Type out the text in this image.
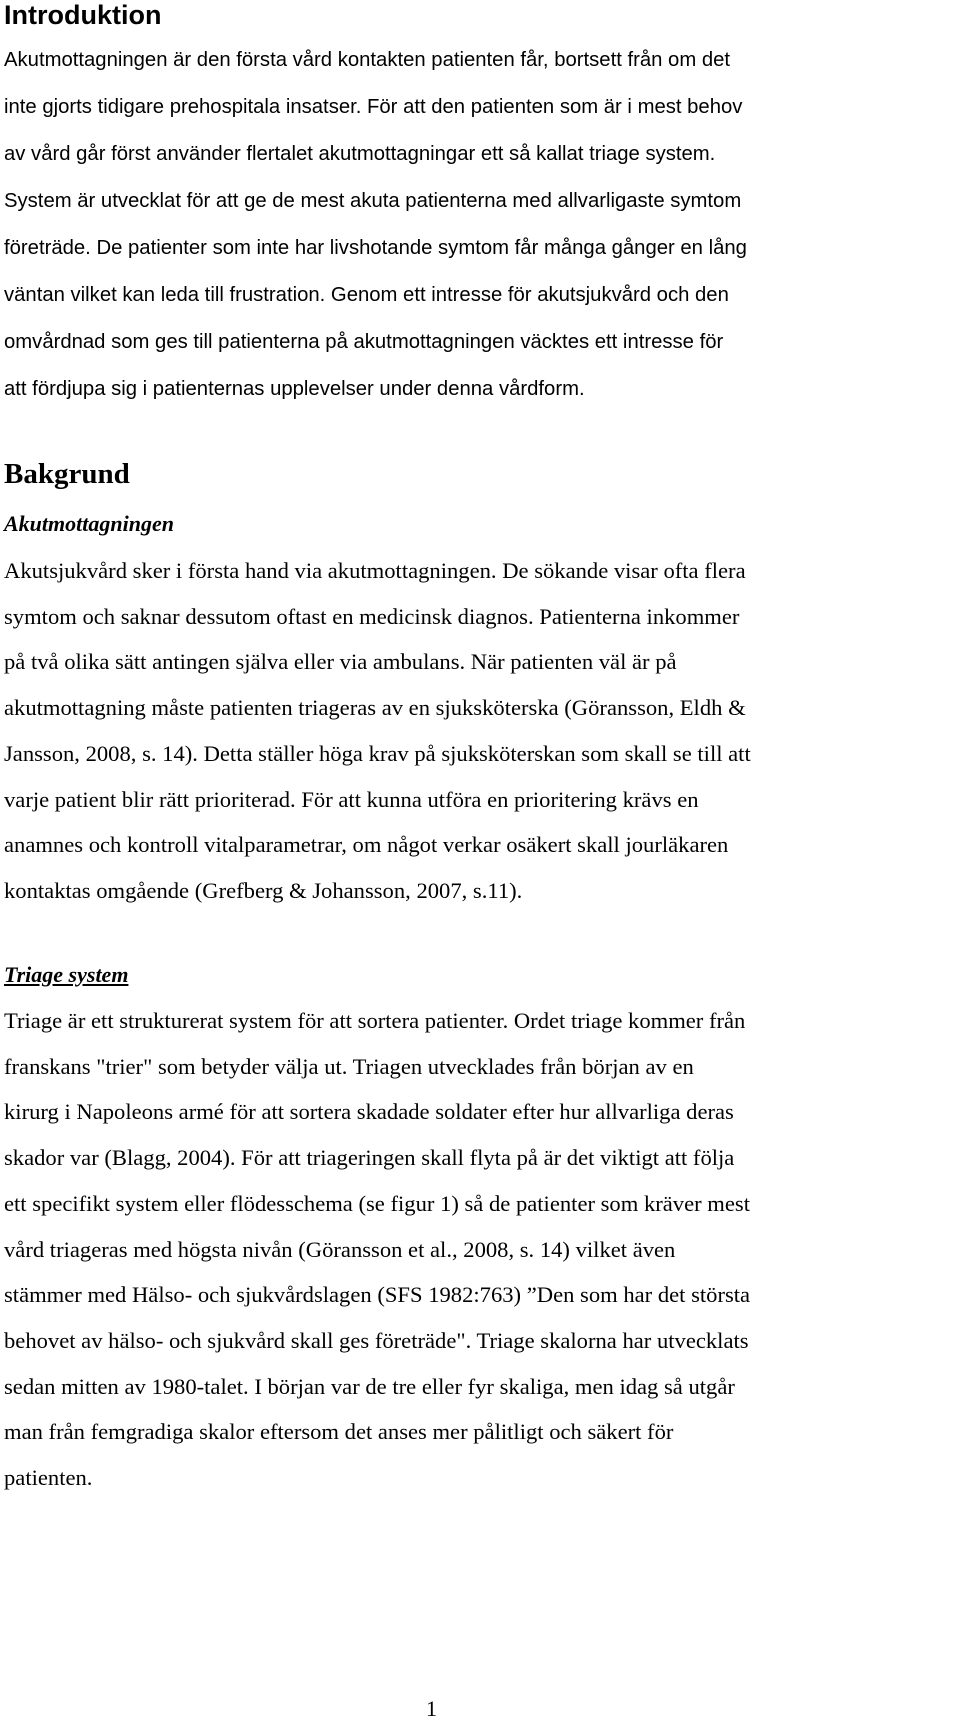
Introduktion
Akutmottagningen är den första vård kontakten patienten får, bortsett från om det
inte gjorts tidigare prehospitala insatser. För att den patienten som är i mest behov
av vård går först använder flertalet akutmottagningar ett så kallat triage system.
System är utvecklat för att ge de mest akuta patienterna med allvarligaste symtom
företräde. De patienter som inte har livshotande symtom får många gånger en lång
väntan vilket kan leda till frustration. Genom ett intresse för akutsjukvård och den
omvårdnad som ges till patienterna på akutmottagningen väcktes ett intresse för
att fördjupa sig i patienternas upplevelser under denna vårdform.
Bakgrund
Akutmottagningen
Akutsjukvård sker i första hand via akutmottagningen. De sökande visar ofta flera
symtom och saknar dessutom oftast en medicinsk diagnos. Patienterna inkommer
på två olika sätt antingen själva eller via ambulans. När patienten väl är på
akutmottagning måste patienten triageras av en sjuksköterska (Göransson, Eldh &
Jansson, 2008, s. 14). Detta ställer höga krav på sjuksköterskan som skall se till att
varje patient blir rätt prioriterad. För att kunna utföra en prioritering krävs en
anamnes och kontroll vitalparametrar, om något verkar osäkert skall jourläkaren
kontaktas omgående (Grefberg & Johansson, 2007, s.11).
Triage system
Triage är ett strukturerat system för att sortera patienter. Ordet triage kommer från
franskans "trier" som betyder välja ut. Triagen utvecklades från början av en
kirurg i Napoleons armé för att sortera skadade soldater efter hur allvarliga deras
skador var (Blagg, 2004). För att triageringen skall flyta på är det viktigt att följa
ett specifikt system eller flödesschema (se figur 1) så de patienter som kräver mest
vård triageras med högsta nivån (Göransson et al., 2008, s. 14) vilket även
stämmer med Hälso- och sjukvårdslagen (SFS 1982:763) ”Den som har det största
behovet av hälso- och sjukvård skall ges företräde". Triage skalorna har utvecklats
sedan mitten av 1980-talet. I början var de tre eller fyr skaliga, men idag så utgår
man från femgradiga skalor eftersom det anses mer pålitligt och säkert för
patienten.
1
